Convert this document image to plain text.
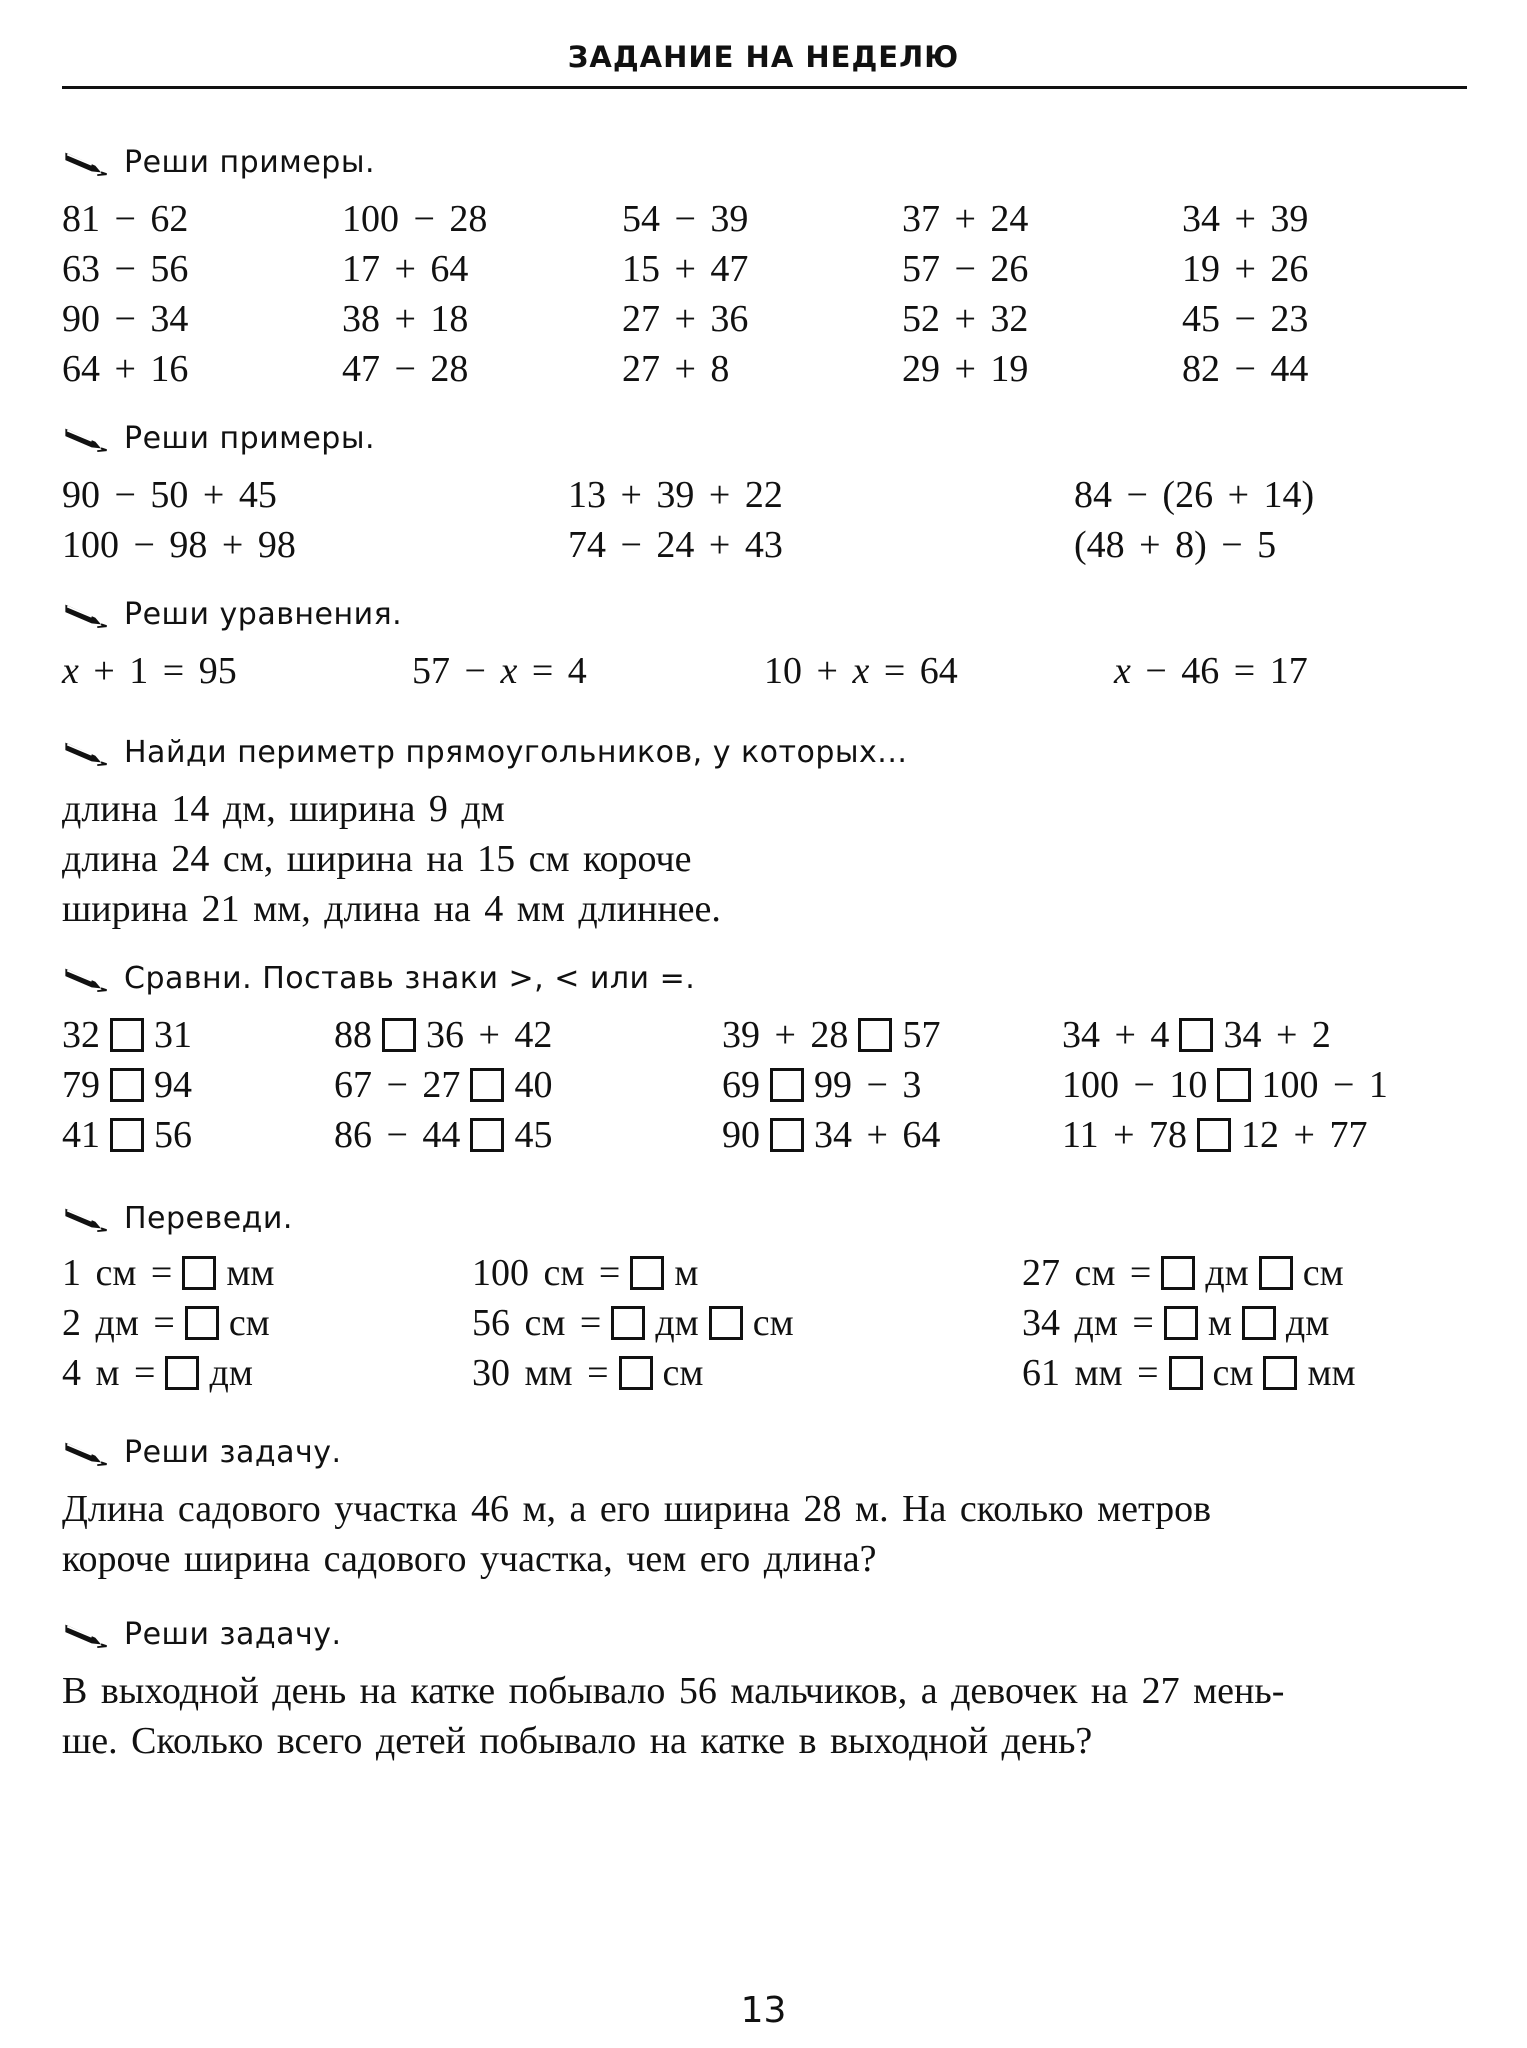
ЗАДАНИЕ НА НЕДЕЛЮ
Реши примеры.
81 − 62	100 − 28	54 − 39	37 + 24	34 + 39
63 − 56	17 + 64	15 + 47	57 − 26	19 + 26
90 − 34	38 + 18	27 + 36	52 + 32	45 − 23
64 + 16	47 − 28	27 + 8	29 + 19	82 − 44
Реши примеры.
90 − 50 + 45	13 + 39 + 22	84 − (26 + 14)
100 − 98 + 98	74 − 24 + 43	(48 + 8) − 5
Реши уравнения.
x + 1 = 95	57 − x = 4	10 + x = 64	x − 46 = 17
Найди периметр прямоугольников, у которых...
длина 14 дм, ширина 9 дм
длина 24 см, ширина на 15 см короче
ширина 21 мм, длина на 4 мм длиннее.
Сравни. Поставь знаки >, < или =.
32 31	88 36 + 42	39 + 28 57	34 + 4 34 + 2
79 94	67 − 27 40	69 99 − 3	100 − 10 100 − 1
41 56	86 − 44 45	90 34 + 64	11 + 78 12 + 77
Переведи.
1 см = мм	100 см = м	27 см = дм см
2 дм = см	56 см = дм см	34 дм = м дм
4 м = дм	30 мм = см	61 мм = см мм
Реши задачу.
Длина садового участка 46 м, а его ширина 28 м. На сколько метров
короче ширина садового участка, чем его длина?
Реши задачу.
В выходной день на катке побывало 56 мальчиков, а девочек на 27 мень-
ше. Сколько всего детей побывало на катке в выходной день?
13
